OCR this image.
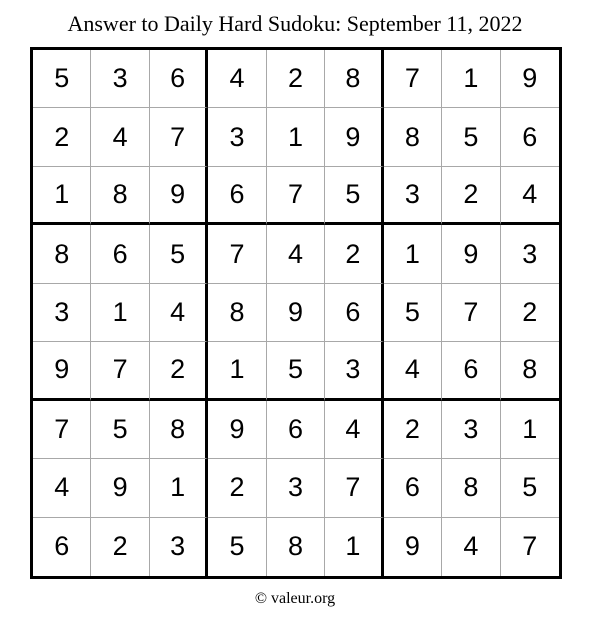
Answer to Daily Hard Sudoku: September 11, 2022
5	3	6	4	2	8	7	1	9
2	4	7	3	1	9	8	5	6
1	8	9	6	7	5	3	2	4
8	6	5	7	4	2	1	9	3
3	1	4	8	9	6	5	7	2
9	7	2	1	5	3	4	6	8
7	5	8	9	6	4	2	3	1
4	9	1	2	3	7	6	8	5
6	2	3	5	8	1	9	4	7
© valeur.org
